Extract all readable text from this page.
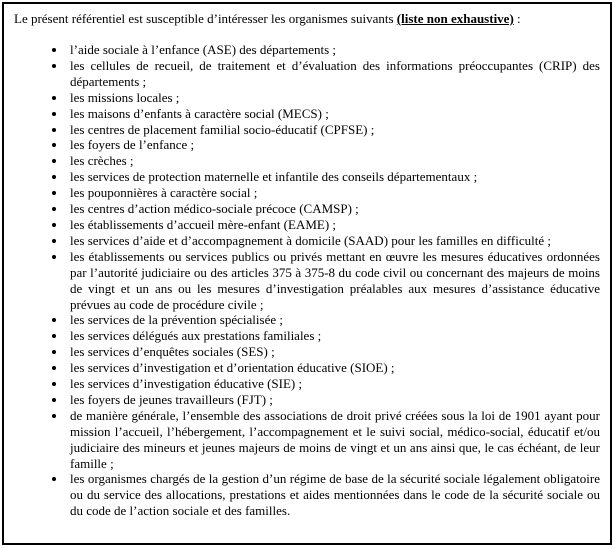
Le présent référentiel est susceptible d’intéresser les organismes suivants (liste non exhaustive) :

• l’aide sociale à l’enfance (ASE) des départements ;
• les cellules de recueil, de traitement et d’évaluation des informations préoccupantes (CRIP) des départements ;
• les missions locales ;
• les maisons d’enfants à caractère social (MECS) ;
• les centres de placement familial socio-éducatif (CPFSE) ;
• les foyers de l’enfance ;
• les crèches ;
• les services de protection maternelle et infantile des conseils départementaux ;
• les pouponnières à caractère social ;
• les centres d’action médico-sociale précoce (CAMSP) ;
• les établissements d’accueil mère-enfant (EAME) ;
• les services d’aide et d’accompagnement à domicile (SAAD) pour les familles en difficulté ;
• les établissements ou services publics ou privés mettant en œuvre les mesures éducatives ordonnées par l’autorité judiciaire ou des articles 375 à 375-8 du code civil ou concernant des majeurs de moins de vingt et un ans ou les mesures d’investigation préalables aux mesures d’assistance éducative prévues au code de procédure civile ;
• les services de la prévention spécialisée ;
• les services délégués aux prestations familiales ;
• les services d’enquêtes sociales (SES) ;
• les services d’investigation et d’orientation éducative (SIOE) ;
• les services d’investigation éducative (SIE) ;
• les foyers de jeunes travailleurs (FJT) ;
• de manière générale, l’ensemble des associations de droit privé créées sous la loi de 1901 ayant pour mission l’accueil, l’hébergement, l’accompagnement et le suivi social, médico-social, éducatif et/ou judiciaire des mineurs et jeunes majeurs de moins de vingt et un ans ainsi que, le cas échéant, de leur famille ;
• les organismes chargés de la gestion d’un régime de base de la sécurité sociale légalement obligatoire ou du service des allocations, prestations et aides mentionnées dans le code de la sécurité sociale ou du code de l’action sociale et des familles.
